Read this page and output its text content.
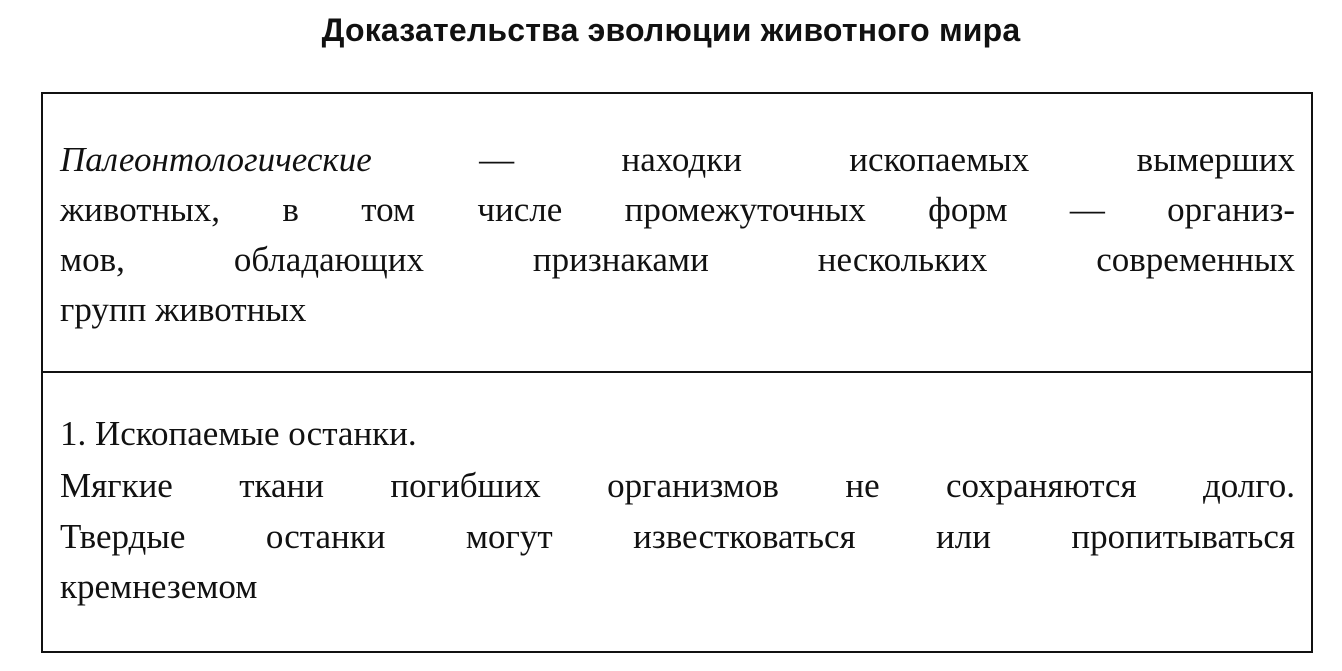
Доказательства эволюции животного мира
Палеонтологические — находки ископаемых вымерших
животных, в том числе промежуточных форм — организ-
мов, обладающих признаками нескольких современных
групп животных
1. Ископаемые останки.
Мягкие ткани погибших организмов не сохраняются долго.
Твердые останки могут известковаться или пропитываться
кремнеземом
